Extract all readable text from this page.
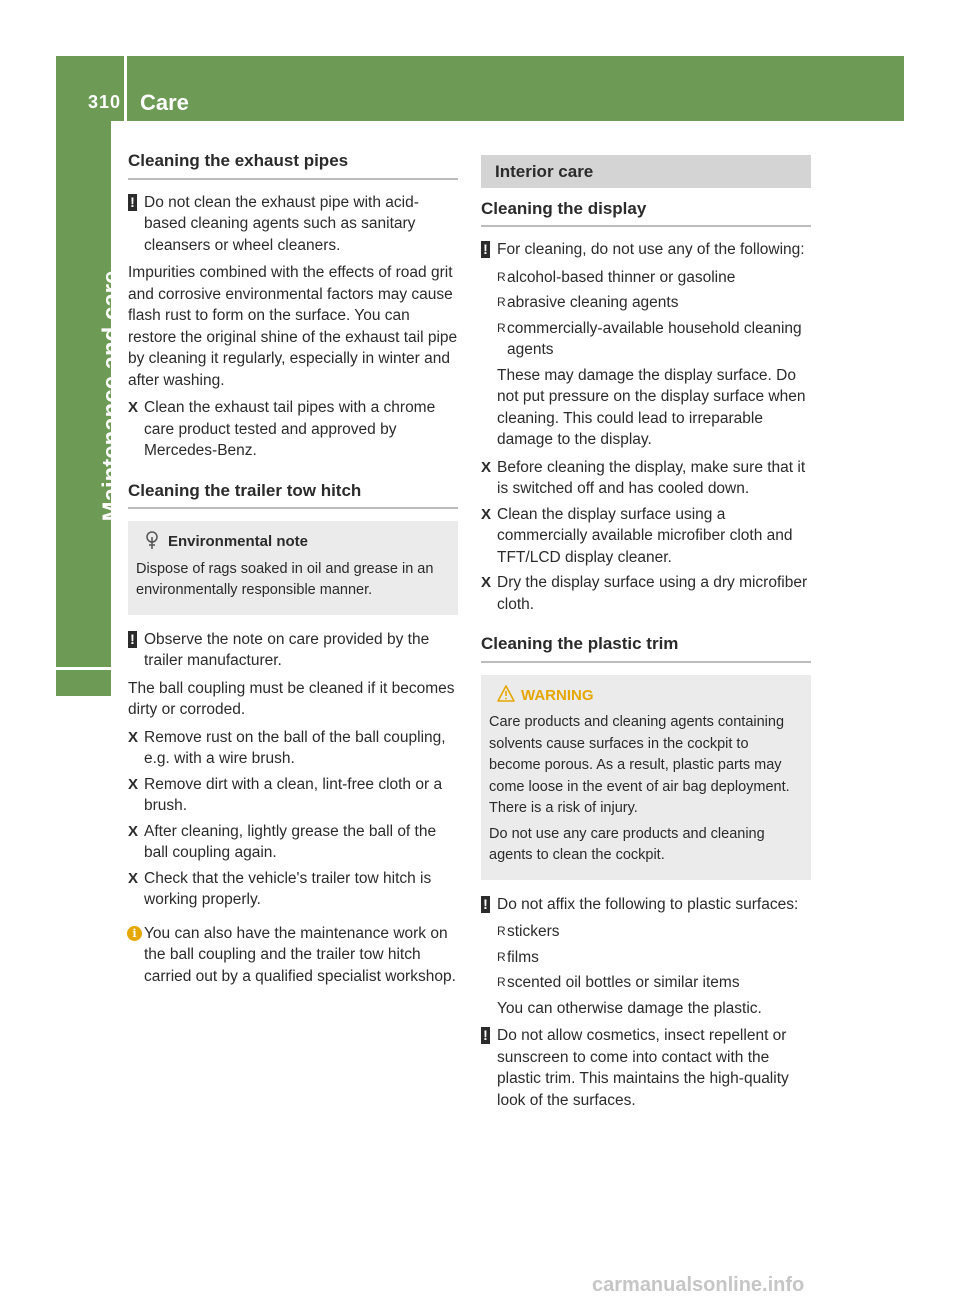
310 Care
Maintenance and care
Cleaning the exhaust pipes
! Do not clean the exhaust pipe with acid-based cleaning agents such as sanitary cleansers or wheel cleaners.

Impurities combined with the effects of road grit and corrosive environmental factors may cause flash rust to form on the surface. You can restore the original shine of the exhaust tail pipe by cleaning it regularly, especially in winter and after washing.

X Clean the exhaust tail pipes with a chrome care product tested and approved by Mercedes-Benz.
Cleaning the trailer tow hitch
Environmental note

Dispose of rags soaked in oil and grease in an environmentally responsible manner.

! Observe the note on care provided by the trailer manufacturer.

The ball coupling must be cleaned if it becomes dirty or corroded.

X Remove rust on the ball of the ball coupling, e.g. with a wire brush.
X Remove dirt with a clean, lint-free cloth or a brush.
X After cleaning, lightly grease the ball of the ball coupling again.
X Check that the vehicle's trailer tow hitch is working properly.
i You can also have the maintenance work on the ball coupling and the trailer tow hitch carried out by a qualified specialist workshop.
Interior care
Cleaning the display
! For cleaning, do not use any of the following:
R alcohol-based thinner or gasoline
R abrasive cleaning agents
R commercially-available household cleaning agents

These may damage the display surface. Do not put pressure on the display surface when cleaning. This could lead to irreparable damage to the display.

X Before cleaning the display, make sure that it is switched off and has cooled down.
X Clean the display surface using a commercially available microfiber cloth and TFT/LCD display cleaner.
X Dry the display surface using a dry microfiber cloth.
Cleaning the plastic trim
WARNING

Care products and cleaning agents containing solvents cause surfaces in the cockpit to become porous. As a result, plastic parts may come loose in the event of air bag deployment. There is a risk of injury.

Do not use any care products and cleaning agents to clean the cockpit.

! Do not affix the following to plastic surfaces:
R stickers
R films
R scented oil bottles or similar items

You can otherwise damage the plastic.

! Do not allow cosmetics, insect repellent or sunscreen to come into contact with the plastic trim. This maintains the high-quality look of the surfaces.
carmanualsonline.info
